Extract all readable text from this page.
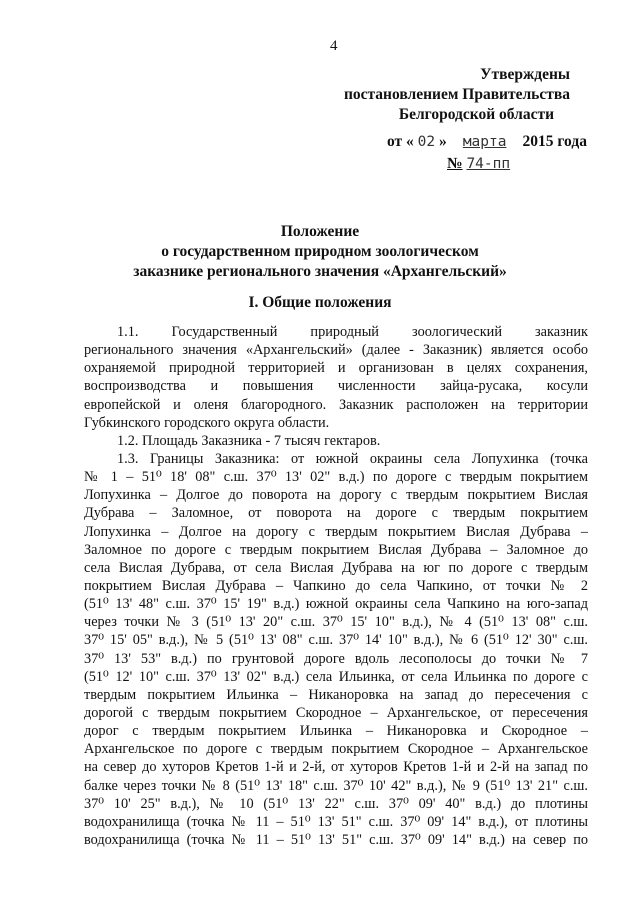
4
Утверждены
постановлением Правительства
Белгородской области
от « 02 » марта 2015 года
№ 74-пп
Положение
о государственном природном зоологическом
заказнике регионального значения «Архангельский»
I. Общие положения
1.1. Государственный природный зоологический заказник
регионального значения «Архангельский» (далее - Заказник) является особо
охраняемой природной территорией и организован в целях сохранения,
воспроизводства и повышения численности зайца-русака, косули
европейской и оленя благородного. Заказник расположен на территории
Губкинского городского округа области.
1.2. Площадь Заказника - 7 тысяч гектаров.
1.3. Границы Заказника: от южной окраины села Лопухинка (точка
№ 1 – 51⁰ 18' 08" с.ш. 37⁰ 13' 02" в.д.) по дороге с твердым покрытием
Лопухинка – Долгое до поворота на дорогу с твердым покрытием Вислая
Дубрава – Заломное, от поворота на дороге с твердым покрытием
Лопухинка – Долгое на дорогу с твердым покрытием Вислая Дубрава –
Заломное по дороге с твердым покрытием Вислая Дубрава – Заломное до
села Вислая Дубрава, от села Вислая Дубрава на юг по дороге с твердым
покрытием Вислая Дубрава – Чапкино до села Чапкино, от точки № 2
(51⁰ 13' 48" с.ш. 37⁰ 15' 19" в.д.) южной окраины села Чапкино на юго-запад
через точки № 3 (51⁰ 13' 20" с.ш. 37⁰ 15' 10" в.д.), № 4 (51⁰ 13' 08" с.ш.
37⁰ 15' 05" в.д.), № 5 (51⁰ 13' 08" с.ш. 37⁰ 14' 10" в.д.), № 6 (51⁰ 12' 30" с.ш.
37⁰ 13' 53" в.д.) по грунтовой дороге вдоль лесополосы до точки № 7
(51⁰ 12' 10" с.ш. 37⁰ 13' 02" в.д.) села Ильинка, от села Ильинка по дороге с
твердым покрытием Ильинка – Никаноровка на запад до пересечения с
дорогой с твердым покрытием Скородное – Архангельское, от пересечения
дорог с твердым покрытием Ильинка – Никаноровка и Скородное –
Архангельское по дороге с твердым покрытием Скородное – Архангельское
на север до хуторов Кретов 1-й и 2-й, от хуторов Кретов 1-й и 2-й на запад по
балке через точки № 8 (51⁰ 13' 18" с.ш. 37⁰ 10' 42" в.д.), № 9 (51⁰ 13' 21" с.ш.
37⁰ 10' 25" в.д.), № 10 (51⁰ 13' 22" с.ш. 37⁰ 09' 40" в.д.) до плотины
водохранилища (точка № 11 – 51⁰ 13' 51" с.ш. 37⁰ 09' 14" в.д.), от плотины
водохранилища (точка № 11 – 51⁰ 13' 51" с.ш. 37⁰ 09' 14" в.д.) на север по
